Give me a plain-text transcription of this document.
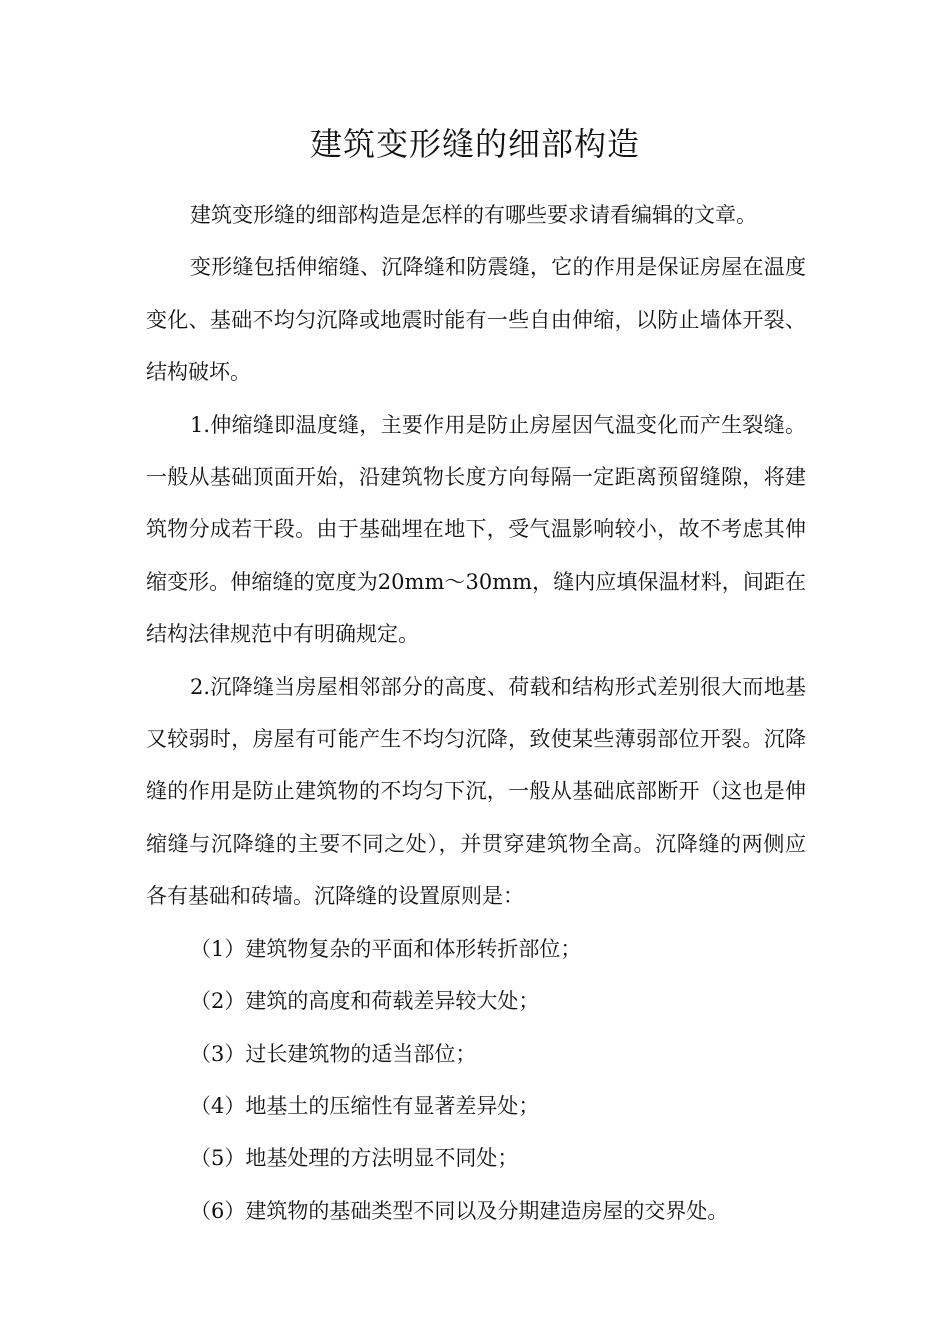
建筑变形缝的细部构造

建筑变形缝的细部构造是怎样的有哪些要求请看编辑的文章。

变形缝包括伸缩缝、沉降缝和防震缝，它的作用是保证房屋在温度变化、基础不均匀沉降或地震时能有一些自由伸缩，以防止墙体开裂、结构破坏。

1.伸缩缝即温度缝，主要作用是防止房屋因气温变化而产生裂缝。一般从基础顶面开始，沿建筑物长度方向每隔一定距离预留缝隙，将建筑物分成若干段。由于基础埋在地下，受气温影响较小，故不考虑其伸缩变形。伸缩缝的宽度为20mm～30mm，缝内应填保温材料，间距在结构法律规范中有明确规定。

2.沉降缝当房屋相邻部分的高度、荷载和结构形式差别很大而地基又较弱时，房屋有可能产生不均匀沉降，致使某些薄弱部位开裂。沉降缝的作用是防止建筑物的不均匀下沉，一般从基础底部断开（这也是伸缩缝与沉降缝的主要不同之处），并贯穿建筑物全高。沉降缝的两侧应各有基础和砖墙。沉降缝的设置原则是：

（1）建筑物复杂的平面和体形转折部位；

（2）建筑的高度和荷载差异较大处；

（3）过长建筑物的适当部位；

（4）地基土的压缩性有显著差异处；

（5）地基处理的方法明显不同处；

（6）建筑物的基础类型不同以及分期建造房屋的交界处。
